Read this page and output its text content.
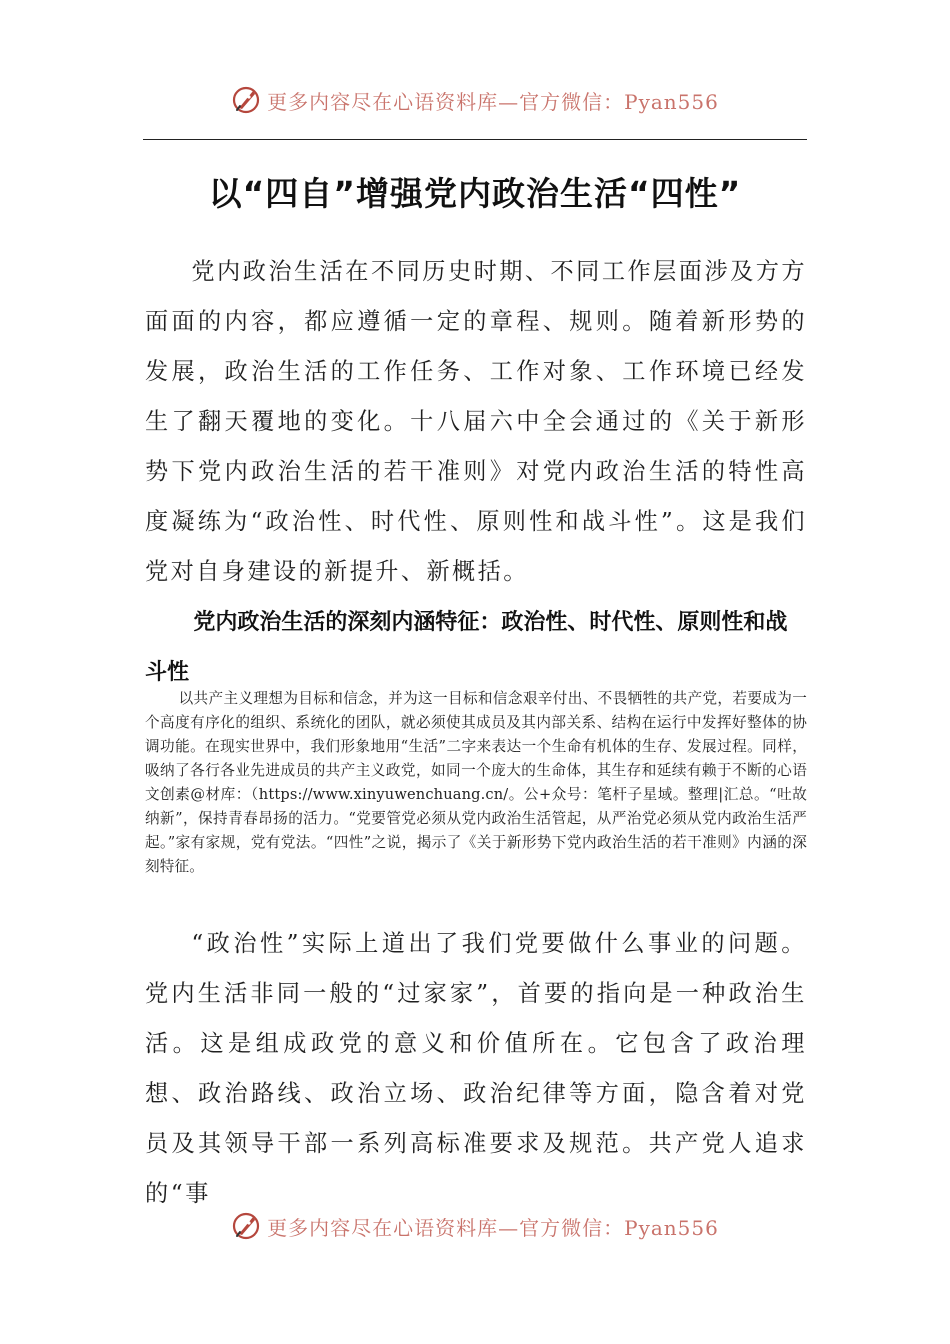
更多内容尽在心语资料库—官方微信：Pyan556
以“四自”增强党内政治生活“四性”

党内政治生活在不同历史时期、不同工作层面涉及方方面面的内容，都应遵循一定的章程、规则。随着新形势的发展，政治生活的工作任务、工作对象、工作环境已经发生了翻天覆地的变化。十八届六中全会通过的《关于新形势下党内政治生活的若干准则》对党内政治生活的特性高度凝练为“政治性、时代性、原则性和战斗性”。这是我们党对自身建设的新提升、新概括。

党内政治生活的深刻内涵特征：政治性、时代性、原则性和战斗性

以共产主义理想为目标和信念，并为这一目标和信念艰辛付出、不畏牺牲的共产党，若要成为一个高度有序化的组织、系统化的团队，就必须使其成员及其内部关系、结构在运行中发挥好整体的协调功能。在现实世界中，我们形象地用“生活”二字来表达一个生命有机体的生存、发展过程。同样，吸纳了各行各业先进成员的共产主义政党，如同一个庞大的生命体，其生存和延续有赖于不断的心语文创素@材库：（https://www.xinyuwenchuang.cn/。公+众号：笔杆子星域。整理|汇总。“吐故纳新”，保持青春昂扬的活力。“党要管党必须从党内政治生活管起，从严治党必须从党内政治生活严起。”家有家规，党有党法。“四性”之说，揭示了《关于新形势下党内政治生活的若干准则》内涵的深刻特征。

“政治性”实际上道出了我们党要做什么事业的问题。党内生活非同一般的“过家家”，首要的指向是一种政治生活。这是组成政党的意义和价值所在。它包含了政治理想、政治路线、政治立场、政治纪律等方面，隐含着对党员及其领导干部一系列高标准要求及规范。共产党人追求的“事

更多内容尽在心语资料库—官方微信：Pyan556
